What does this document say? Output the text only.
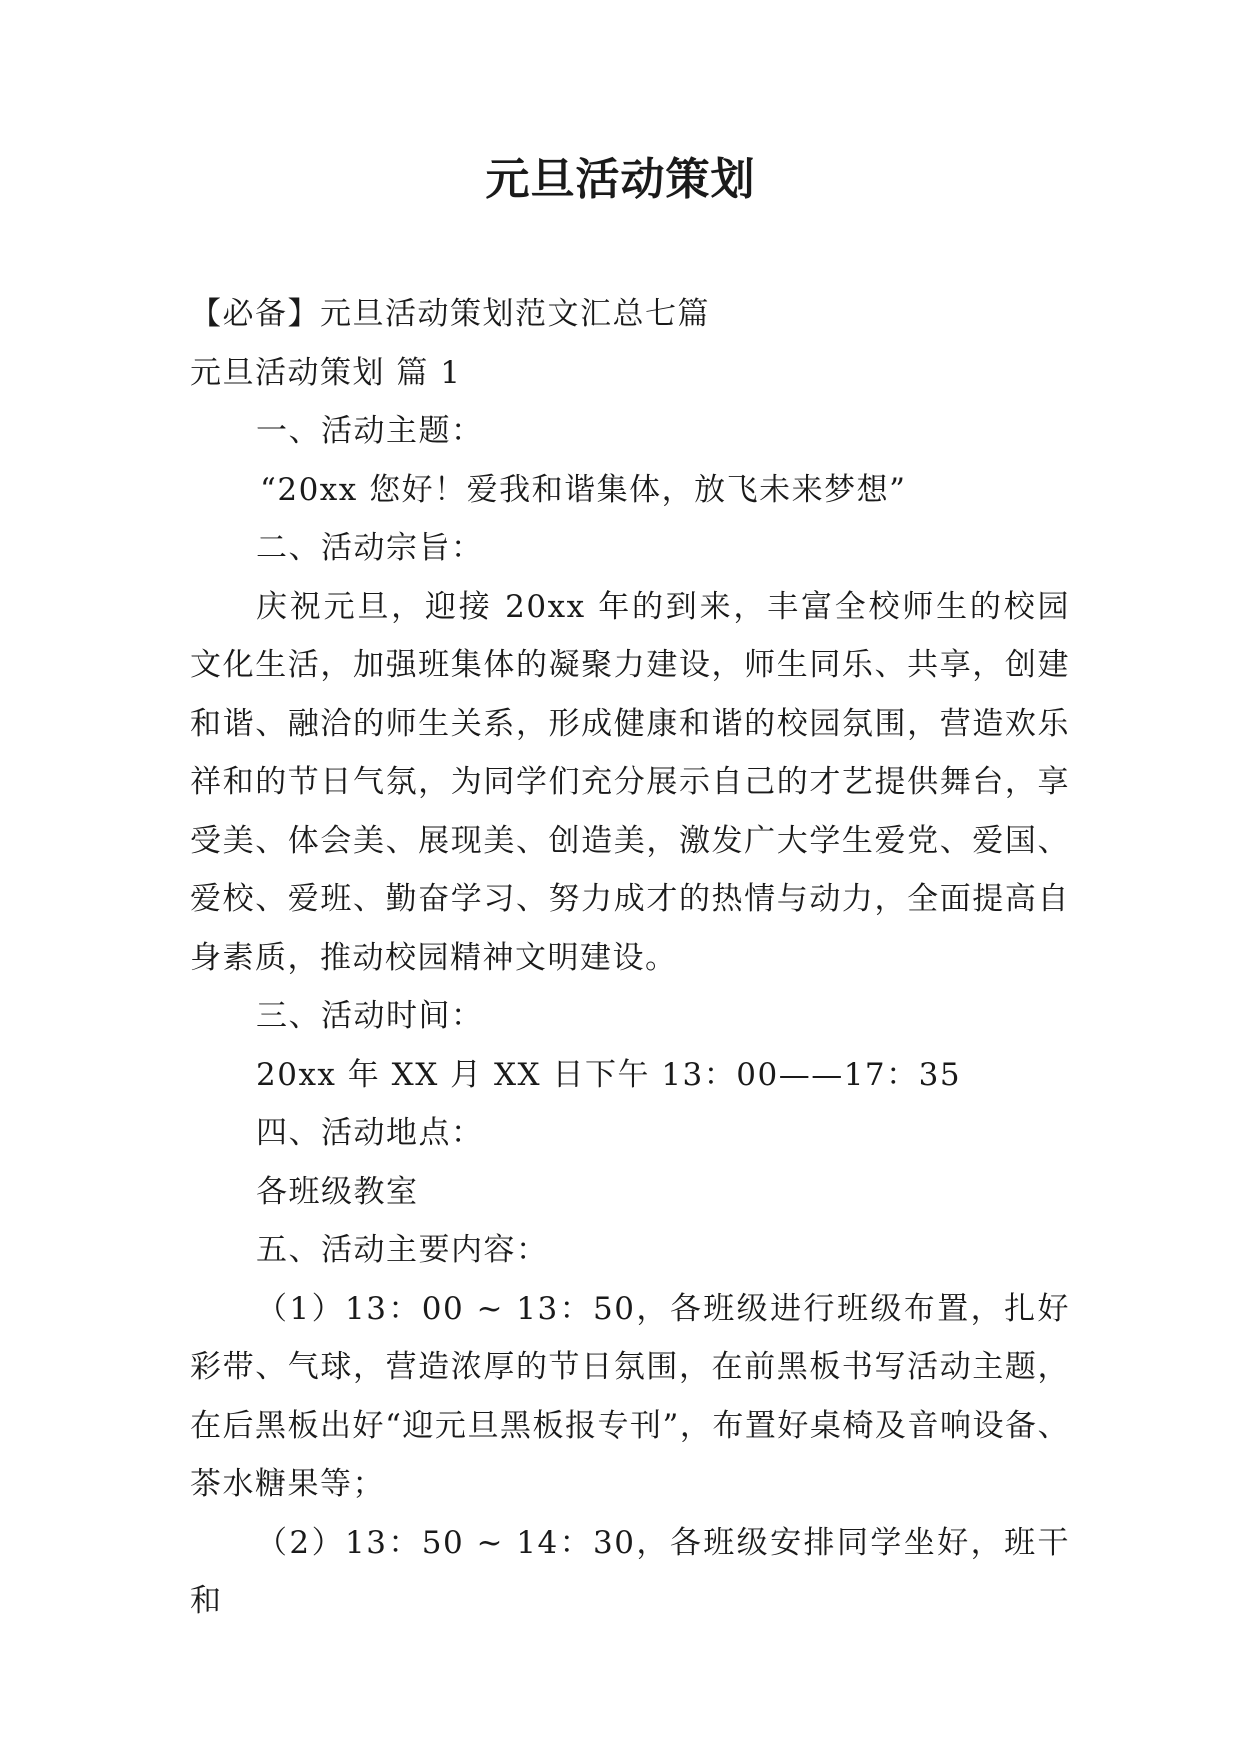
元旦活动策划
【必备】元旦活动策划范文汇总七篇
元旦活动策划 篇 1
一、活动主题：
“20xx 您好！爱我和谐集体，放飞未来梦想”
二、活动宗旨：
庆祝元旦，迎接 20xx 年的到来，丰富全校师生的校园文化生活，加强班集体的凝聚力建设，师生同乐、共享，创建和谐、融洽的师生关系，形成健康和谐的校园氛围，营造欢乐祥和的节日气氛，为同学们充分展示自己的才艺提供舞台，享受美、体会美、展现美、创造美，激发广大学生爱党、爱国、爱校、爱班、勤奋学习、努力成才的热情与动力，全面提高自身素质，推动校园精神文明建设。
三、活动时间：
20xx 年 XX 月 XX 日下午 13：00——17：35
四、活动地点：
各班级教室
五、活动主要内容：
（1）13：00 ~ 13：50，各班级进行班级布置，扎好彩带、气球，营造浓厚的节日氛围，在前黑板书写活动主题，在后黑板出好“迎元旦黑板报专刊”，布置好桌椅及音响设备、茶水糖果等；
（2）13：50 ~ 14：30，各班级安排同学坐好，班干和
